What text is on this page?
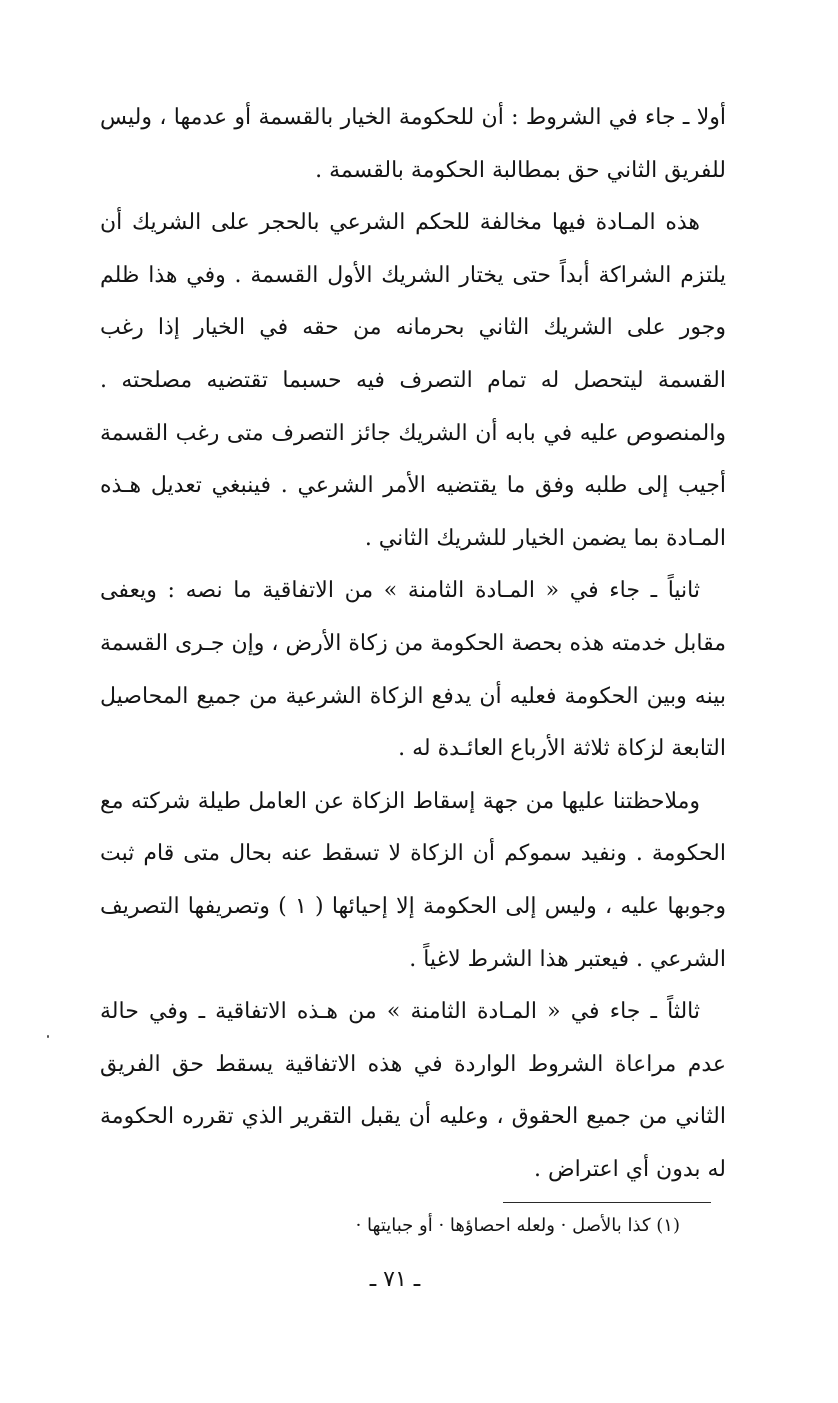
أولا ـ جاء في الشروط : أن للحكومة الخيار بالقسمة أو عدمها ، وليس للفريق الثاني حق بمطالبة الحكومة بالقسمة .

هذه المـادة فيها مخالفة للحكم الشرعي بالحجر على الشريك أن يلتزم الشراكة أبداً حتى يختار الشريك الأول القسمة . وفي هذا ظلم وجور على الشريك الثاني بحرمانه من حقه في الخيار إذا رغب القسمة ليتحصل له تمام التصرف فيه حسبما تقتضيه مصلحته . والمنصوص عليه في بابه أن الشريك جائز التصرف متى رغب القسمة أجيب إلى طلبه وفق ما يقتضيه الأمر الشرعي . فينبغي تعديل هـذه المـادة بما يضمن الخيار للشريك الثاني .

ثانياً ـ جاء في « المـادة الثامنة » من الاتفاقية ما نصه : ويعفى مقابل خدمته هذه بحصة الحكومة من زكاة الأرض ، وإن جـرى القسمة بينه وبين الحكومة فعليه أن يدفع الزكاة الشرعية من جميع المحاصيل التابعة لزكاة ثلاثة الأرباع العائـدة له .

وملاحظتنا عليها من جهة إسقاط الزكاة عن العامل طيلة شركته مع الحكومة . ونفيد سموكم أن الزكاة لا تسقط عنه بحال متى قام ثبت وجوبها عليه ، وليس إلى الحكومة إلا إحيائها ( ١ ) وتصريفها التصريف الشرعي . فيعتبر هذا الشرط لاغياً .

ثالثاً ـ جاء في « المـادة الثامنة » من هـذه الاتفاقية ـ وفي حالة عدم مراعاة الشروط الواردة في هذه الاتفاقية يسقط حق الفريق الثاني من جميع الحقوق ، وعليه أن يقبل التقرير الذي تقرره الحكومة له بدون أي اعتراض .

(١) كذا بالأصل · ولعله احصاؤها · أو جبايتها ·
ـ ٧١ ـ
